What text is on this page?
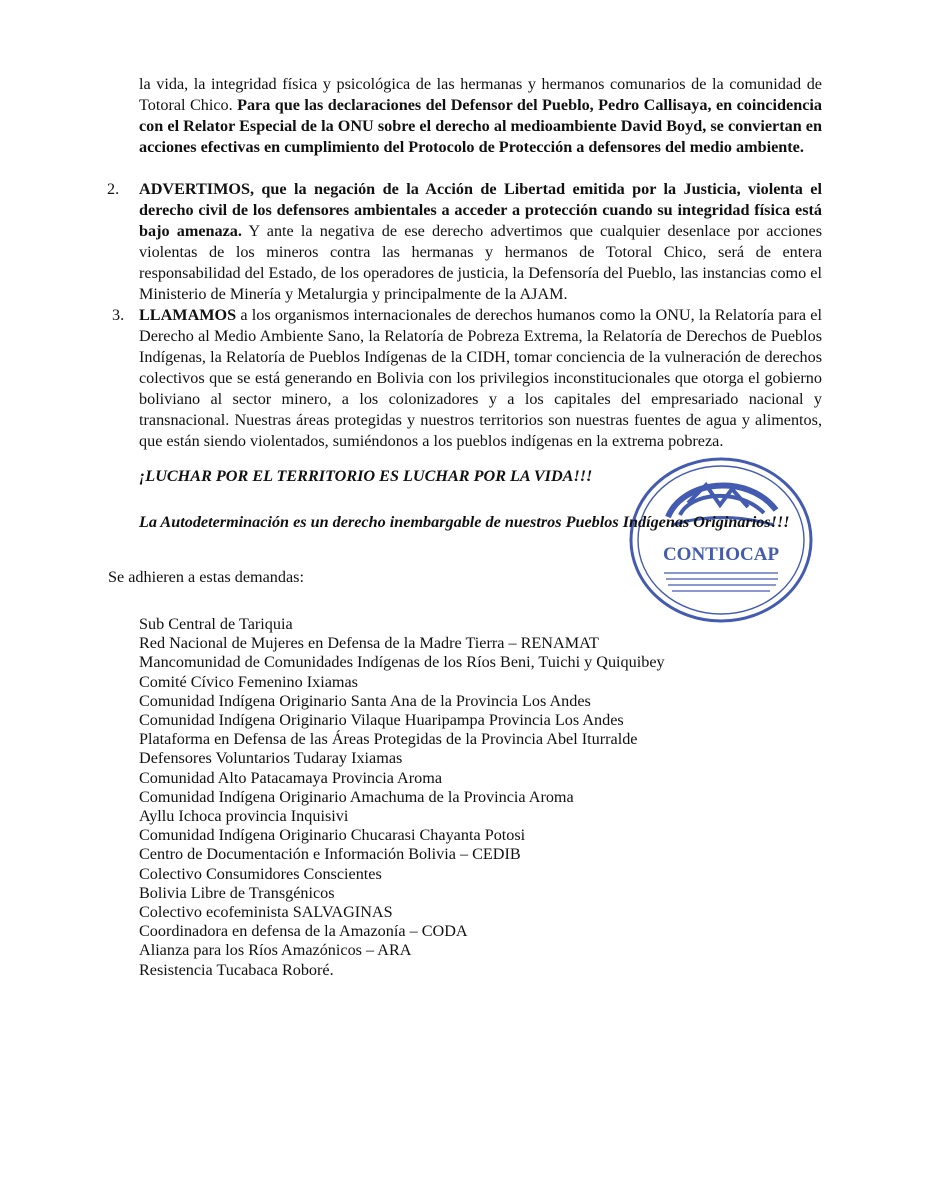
la vida, la integridad física y psicológica de las hermanas y hermanos comunarios de la comunidad de Totoral Chico. Para que las declaraciones del Defensor del Pueblo, Pedro Callisaya, en coincidencia con el Relator Especial de la ONU sobre el derecho al medioambiente David Boyd, se conviertan en acciones efectivas en cumplimiento del Protocolo de Protección a defensores del medio ambiente.

2. ADVERTIMOS, que la negación de la Acción de Libertad emitida por la Justicia, violenta el derecho civil de los defensores ambientales a acceder a protección cuando su integridad física está bajo amenaza. Y ante la negativa de ese derecho advertimos que cualquier desenlace por acciones violentas de los mineros contra las hermanas y hermanos de Totoral Chico, será de entera responsabilidad del Estado, de los operadores de justicia, la Defensoría del Pueblo, las instancias como el Ministerio de Minería y Metalurgia y principalmente de la AJAM.

3. LLAMAMOS a los organismos internacionales de derechos humanos como la ONU, la Relatoría para el Derecho al Medio Ambiente Sano, la Relatoría de Pobreza Extrema, la Relatoría de Derechos de Pueblos Indígenas, la Relatoría de Pueblos Indígenas de la CIDH, tomar conciencia de la vulneración de derechos colectivos que se está generando en Bolivia con los privilegios inconstitucionales que otorga el gobierno boliviano al sector minero, a los colonizadores y a los capitales del empresariado nacional y transnacional. Nuestras áreas protegidas y nuestros territorios son nuestras fuentes de agua y alimentos, que están siendo violentados, sumiéndonos a los pueblos indígenas en la extrema pobreza.

CONTIOCAP

¡LUCHAR POR EL TERRITORIO ES LUCHAR POR LA VIDA!!!

La Autodeterminación es un derecho inembargable de nuestros Pueblos Indígenas Originarios!!!

Se adhieren a estas demandas:

Sub Central de Tariquia
Red Nacional de Mujeres en Defensa de la Madre Tierra – RENAMAT
Mancomunidad de Comunidades Indígenas de los Ríos Beni, Tuichi y Quiquibey
Comité Cívico Femenino Ixiamas
Comunidad Indígena Originario Santa Ana de la Provincia Los Andes
Comunidad Indígena Originario Vilaque Huaripampa Provincia Los Andes
Plataforma en Defensa de las Áreas Protegidas de la Provincia Abel Iturralde
Defensores Voluntarios Tudaray Ixiamas
Comunidad Alto Patacamaya Provincia Aroma
Comunidad Indígena Originario Amachuma de la Provincia Aroma
Ayllu Ichoca provincia Inquisivi
Comunidad Indígena Originario Chucarasi Chayanta Potosi
Centro de Documentación e Información Bolivia – CEDIB
Colectivo Consumidores Conscientes
Bolivia Libre de Transgénicos
Colectivo ecofeminista SALVAGINAS
Coordinadora en defensa de la Amazonía – CODA
Alianza para los Ríos Amazónicos – ARA
Resistencia Tucabaca Roboré.
